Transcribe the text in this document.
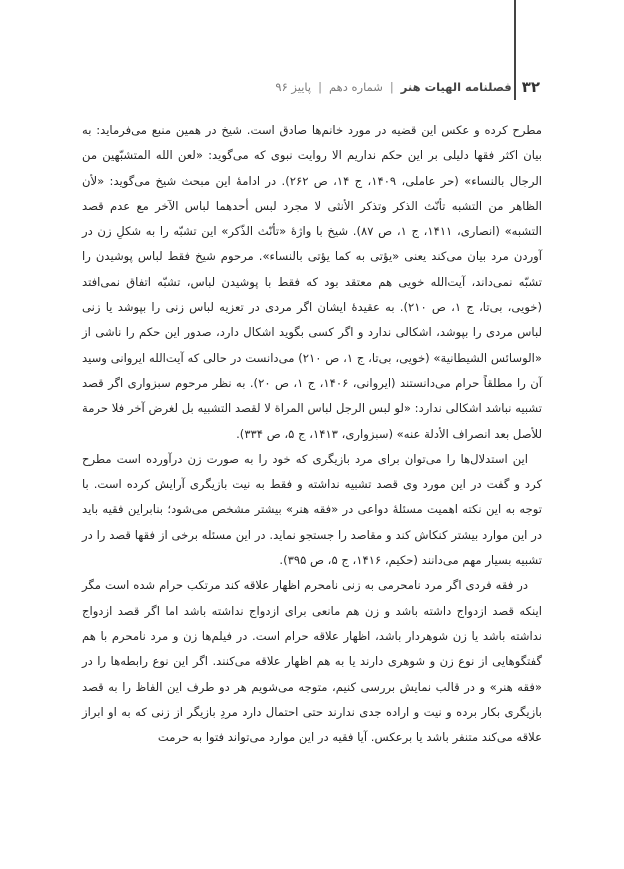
۳۲
فصلنامه الهیات هنر
|
شماره دهم
|
پاییز ۹۶

مطرح کرده و عکس این قضیه در مورد خانم‌ها صادق است. شیخ در همین منبع می‌فرماید: به بیان اکثر فقها دلیلی بر این حکم نداریم الا روایت نبوی که می‌گوید: «لعن الله المتشبّهین من الرجال بالنساء» (حر عاملی، ۱۴۰۹، ج ۱۴، ص ۲۶۲). در ادامهٔ این مبحث شیخ می‌گوید: «لأن الظاهر من التشبه تأنّث الذکر وتذکر الأنثی لا مجرد لبس أحدهما لباس الآخر مع عدم قصد التشبه» (انصاری، ۱۴۱۱، ج ۱، ص ۸۷). شیخ با واژهٔ «تأنّث الذّکر» این تشبّه را به شکلِ زن در آوردن مرد بیان می‌کند یعنی «یؤتی به کما یؤتی بالنساء». مرحوم شیخ فقط لباس پوشیدن را تشبّه نمی‌داند، آیت‌الله خویی هم معتقد بود که فقط با پوشیدن لباس، تشبّه اتفاق نمی‌افتد (خویی، بی‌تا، ج ۱، ص ۲۱۰). به عقیدهٔ ایشان اگر مردی در تعزیه لباس زنی را بپوشد یا زنی لباس مردی را بپوشد، اشکالی ندارد و اگر کسی بگوید اشکال دارد، صدور این حکم را ناشی از «الوسائس الشیطانیة» (خویی، بی‌تا، ج ۱، ص ۲۱۰) می‌دانست در حالی که آیت‌الله ایروانی وسید آن را مطلقاً حرام می‌دانستند (ایروانی، ۱۴۰۶، ج ۱، ص ۲۰). به نظر مرحوم سبزواری اگر قصد تشبیه نباشد اشکالی ندارد: «لو لبس الرجل لباس المراة لا لقصد التشبیه بل لغرض آخر فلا حرمة للأصل بعد انصراف الأدلة عنه» (سبزواری، ۱۴۱۳، ج ۵، ص ۳۳۴).

این استدلال‌ها را می‌توان برای مرد بازیگری که خود را به صورت زن درآورده است مطرح کرد و گفت در این مورد وی قصد تشبیه نداشته و فقط به نیت بازیگری آرایش کرده است. با توجه به این نکته اهمیت مسئلهٔ دواعی در «فقه هنر» بیشتر مشخص می‌شود؛ بنابراین فقیه باید در این موارد بیشتر کنکاش کند و مقاصد را جستجو نماید. در این مسئله برخی از فقها قصد را در تشبیه بسیار مهم می‌دانند (حکیم، ۱۴۱۶، ج ۵، ص ۳۹۵).

در فقه فردی اگر مرد نامحرمی به زنی نامحرم اظهار علاقه کند مرتکب حرام شده است مگر اینکه قصد ازدواج داشته باشد و زن هم مانعی برای ازدواج نداشته باشد اما اگر قصد ازدواج نداشته باشد یا زن شوهردار باشد، اظهار علاقه حرام است. در فیلم‌ها زن و مرد نامحرم با هم گفتگوهایی از نوع زن و شوهری دارند یا به هم اظهار علاقه می‌کنند. اگر این نوع رابطه‌ها را در «فقه هنر» و در قالب نمایش بررسی کنیم، متوجه می‌شویم هر دو طرف این الفاظ را به قصد بازیگری بکار برده و نیت و اراده جدی ندارند حتی احتمال دارد مردِ بازیگر از زنی که به او ابراز علاقه می‌کند متنفر باشد یا برعکس. آیا فقیه در این موارد می‌تواند فتوا به حرمت
